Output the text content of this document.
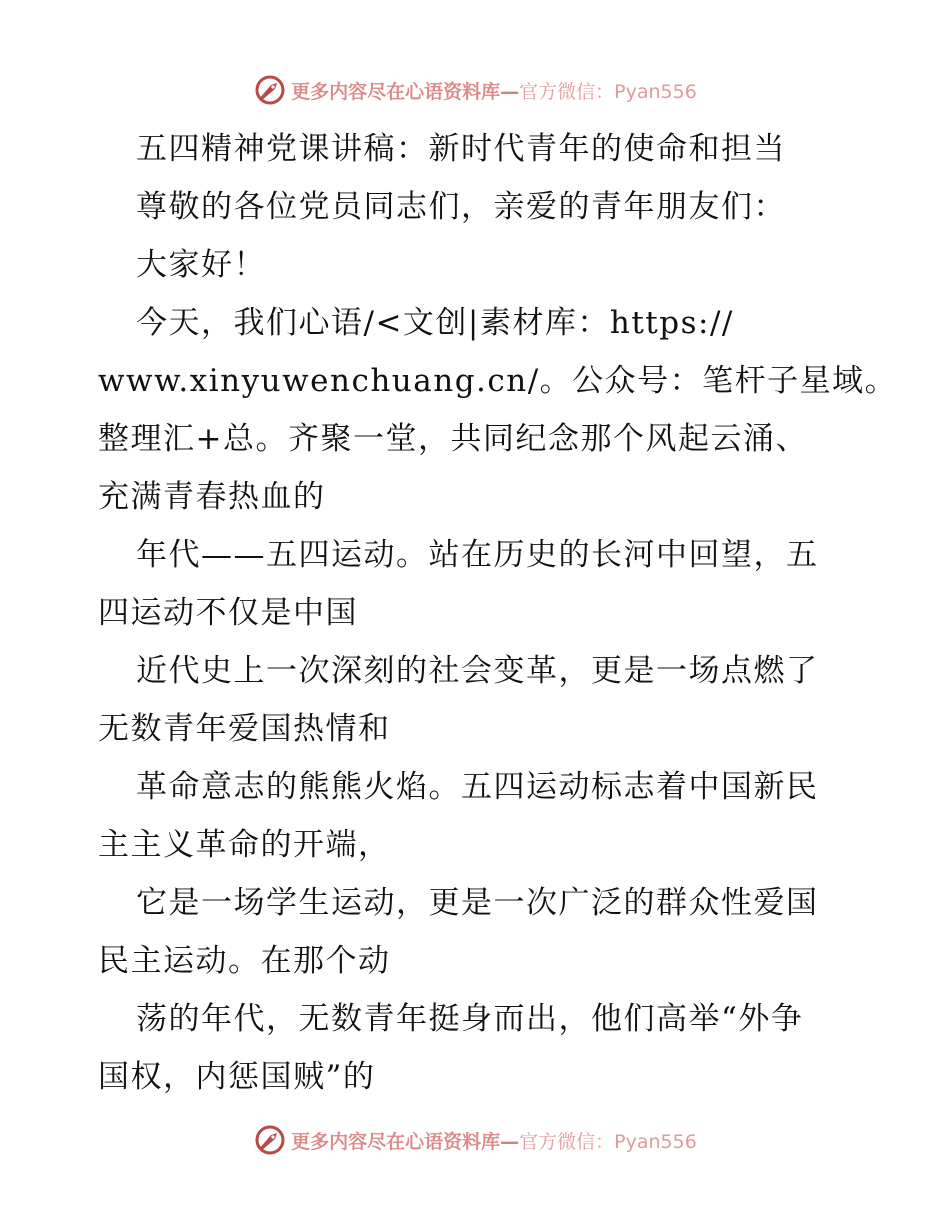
更多内容尽在心语资料库—官方微信：Pyan556
五四精神党课讲稿：新时代青年的使命和担当
尊敬的各位党员同志们，亲爱的青年朋友们：
大家好！
今天，我们心语/<文创|素材库：https://
www.xinyuwenchuang.cn/。公众号：笔杆子星域。
整理汇+总。齐聚一堂，共同纪念那个风起云涌、
充满青春热血的
年代——五四运动。站在历史的长河中回望，五
四运动不仅是中国
近代史上一次深刻的社会变革，更是一场点燃了
无数青年爱国热情和
革命意志的熊熊火焰。五四运动标志着中国新民
主主义革命的开端，
它是一场学生运动，更是一次广泛的群众性爱国
民主运动。在那个动
荡的年代，无数青年挺身而出，他们高举“外争
国权，内惩国贼”的
更多内容尽在心语资料库—官方微信：Pyan556
